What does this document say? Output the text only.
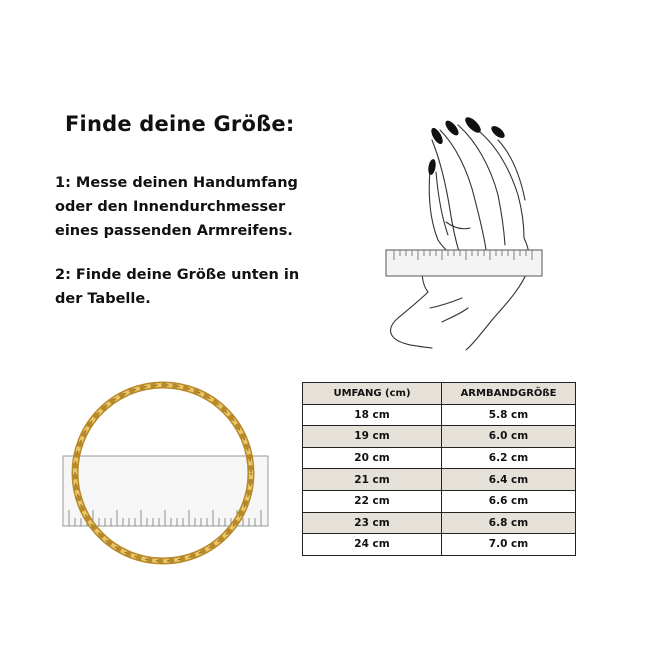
Finde deine Größe:
1: Messe deinen Handumfang
oder den Innendurchmesser
eines passenden Armreifens.
2: Finde deine Größe unten in
der Tabelle.
UMFANG (cm)	ARMBANDGRÖßE
18 cm	5.8 cm
19 cm	6.0 cm
20 cm	6.2 cm
21 cm	6.4 cm
22 cm	6.6 cm
23 cm	6.8 cm
24 cm	7.0 cm
